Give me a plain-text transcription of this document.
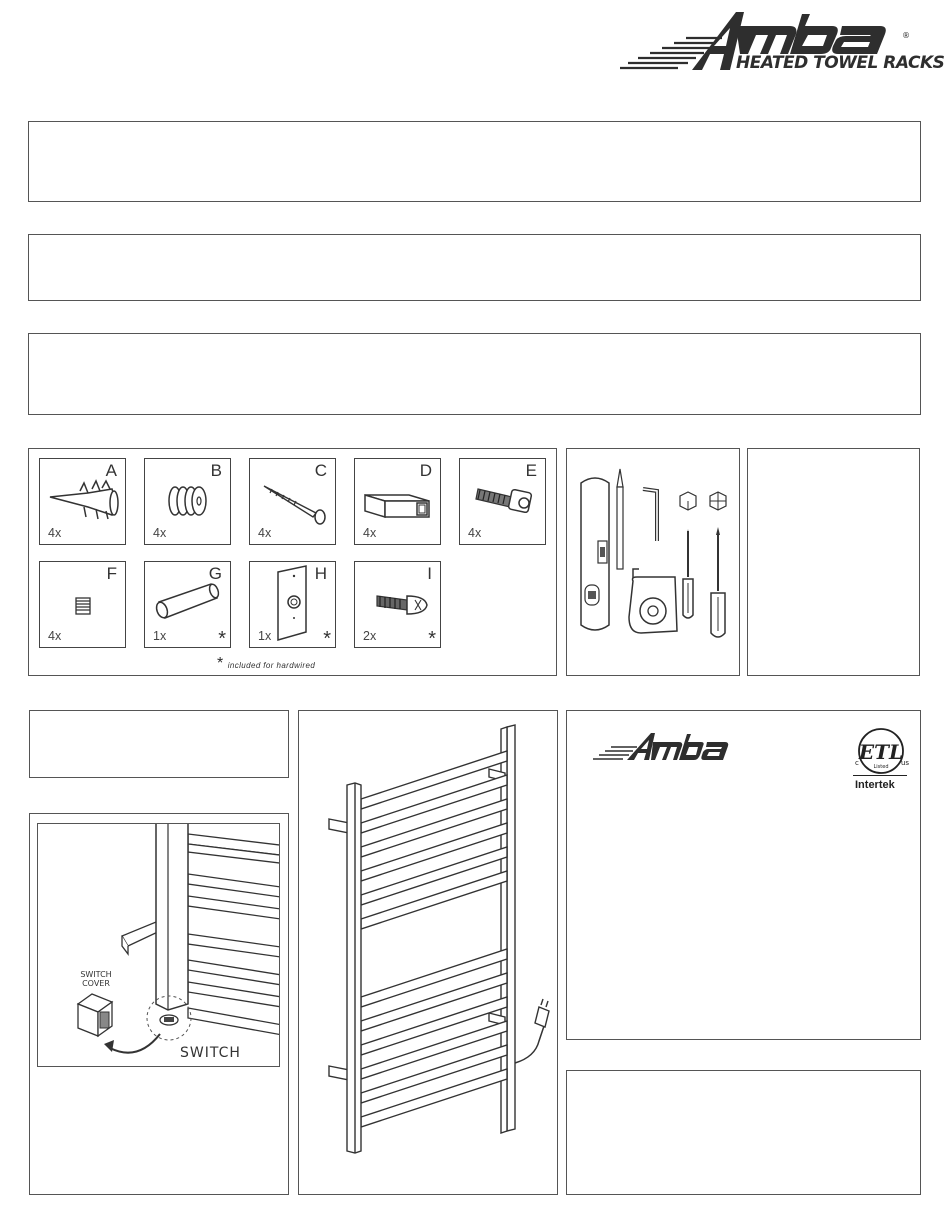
®
HEATED TOWEL RACKS
A
4x
B
4x
C
4x
D
4x
E
4x
F
4x
G
1x	*
H
1x	*
I
2x	*
* included for hardwired
SWITCH
COVER
SWITCH
ETL
Listed
c	us
Intertek
